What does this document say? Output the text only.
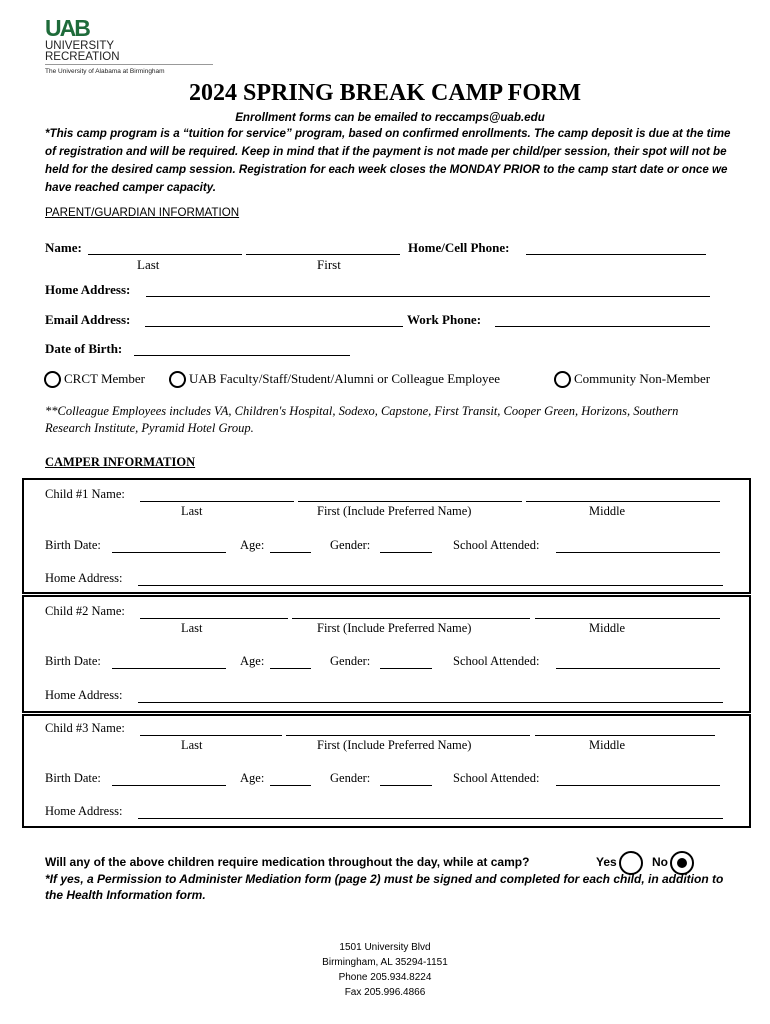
UAB
UNIVERSITY
RECREATION
The University of Alabama at Birmingham
2024 SPRING BREAK CAMP FORM
Enrollment forms can be emailed to reccamps@uab.edu
*This camp program is a “tuition for service” program, based on confirmed enrollments. The camp deposit is due at the time of registration and will be required. Keep in mind that if the payment is not made per child/per session, their spot will not be held for the desired camp session. Registration for each week closes the MONDAY PRIOR to the camp start date or once we have reached camper capacity.
PARENT/GUARDIAN INFORMATION
Name:
Last	First
Home/Cell Phone:
Home Address:
Email Address:	Work Phone:
Date of Birth:
CRCT Member	UAB Faculty/Staff/Student/Alumni or Colleague Employee	Community Non-Member
**Colleague Employees includes VA, Children's Hospital, Sodexo, Capstone, First Transit, Cooper Green, Horizons, Southern Research Institute, Pyramid Hotel Group.
CAMPER INFORMATION
Child #1 Name:
Last	First (Include Preferred Name)	Middle
Birth Date:	Age:	Gender:	School Attended:
Home Address:
Child #2 Name:
Last	First (Include Preferred Name)	Middle
Birth Date:	Age:	Gender:	School Attended:
Home Address:
Child #3 Name:
Last	First (Include Preferred Name)	Middle
Birth Date:	Age:	Gender:	School Attended:
Home Address:
Will any of the above children require medication throughout the day, while at camp?	Yes	No
*If yes, a Permission to Administer Mediation form (page 2) must be signed and completed for each child, in addition to the Health Information form.
1501 University Blvd
Birmingham, AL 35294-1151
Phone 205.934.8224
Fax 205.996.4866
